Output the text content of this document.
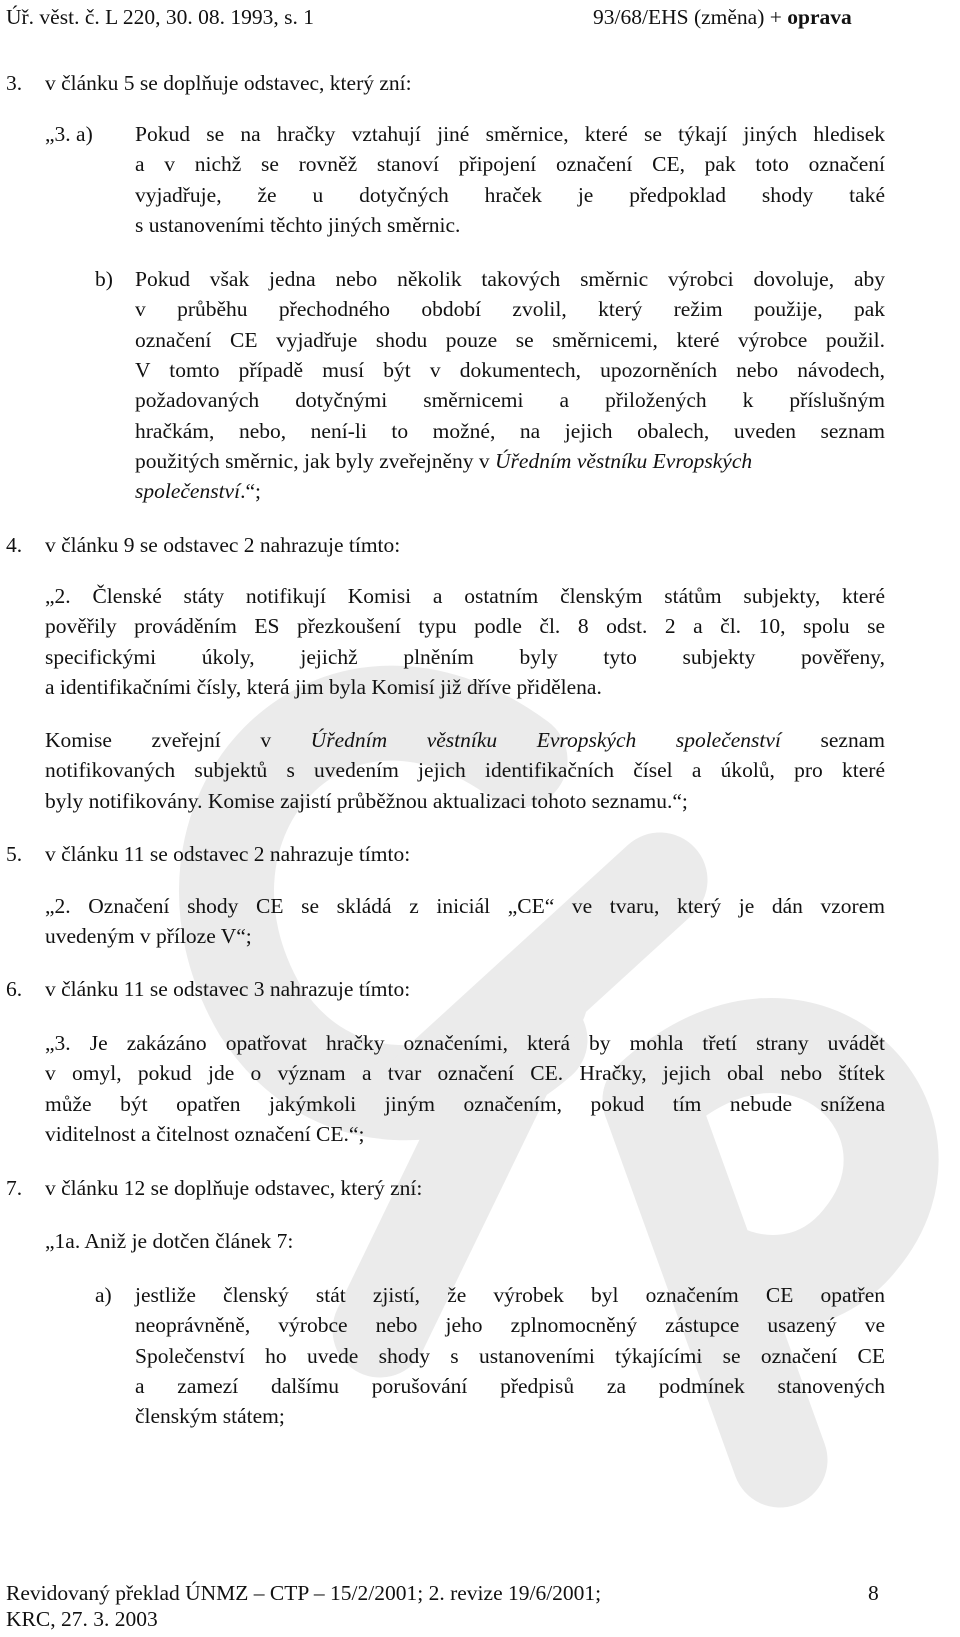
Úř. věst. č. L 220, 30. 08. 1993, s. 1	93/68/EHS (změna) + oprava
3. v článku 5 se doplňuje odstavec, který zní:
„3. a) Pokud se na hračky vztahují jiné směrnice, které se týkají jiných hledisek
a v nichž se rovněž stanoví připojení označení CE, pak toto označení
vyjadřuje, že u dotyčných hraček je předpoklad shody také
s ustanoveními těchto jiných směrnic.
b) Pokud však jedna nebo několik takových směrnic výrobci dovoluje, aby
v průběhu přechodného období zvolil, který režim použije, pak
označení CE vyjadřuje shodu pouze se směrnicemi, které výrobce použil.
V tomto případě musí být v dokumentech, upozorněních nebo návodech,
požadovaných dotyčnými směrnicemi a přiložených k příslušným
hračkám, nebo, není-li to možné, na jejich obalech, uveden seznam
použitých směrnic, jak byly zveřejněny v Úředním věstníku Evropských
společenství.“;
4. v článku 9 se odstavec 2 nahrazuje tímto:
„2. Členské státy notifikují Komisi a ostatním členským státům subjekty, které
pověřily prováděním ES přezkoušení typu podle čl. 8 odst. 2 a čl. 10, spolu se
specifickými úkoly, jejichž plněním byly tyto subjekty pověřeny,
a identifikačními čísly, která jim byla Komisí již dříve přidělena.
Komise zveřejní v Úředním věstníku Evropských společenství seznam
notifikovaných subjektů s uvedením jejich identifikačních čísel a úkolů, pro které
byly notifikovány. Komise zajistí průběžnou aktualizaci tohoto seznamu.“;
5. v článku 11 se odstavec 2 nahrazuje tímto:
„2. Označení shody CE se skládá z iniciál „CE“ ve tvaru, který je dán vzorem
uvedeným v příloze V“;
6. v článku 11 se odstavec 3 nahrazuje tímto:
„3. Je zakázáno opatřovat hračky označeními, která by mohla třetí strany uvádět
v omyl, pokud jde o význam a tvar označení CE. Hračky, jejich obal nebo štítek
může být opatřen jakýmkoli jiným označením, pokud tím nebude snížena
viditelnost a čitelnost označení CE.“;
7. v článku 12 se doplňuje odstavec, který zní:
„1a. Aniž je dotčen článek 7:
a) jestliže členský stát zjistí, že výrobek byl označením CE opatřen
neoprávněně, výrobce nebo jeho zplnomocněný zástupce usazený ve
Společenství ho uvede shody s ustanoveními týkajícími se označení CE
a zamezí dalšímu porušování předpisů za podmínek stanovených
členským státem;
Revidovaný překlad ÚNMZ – CTP – 15/2/2001; 2. revize 19/6/2001;	8
KRC, 27. 3. 2003
